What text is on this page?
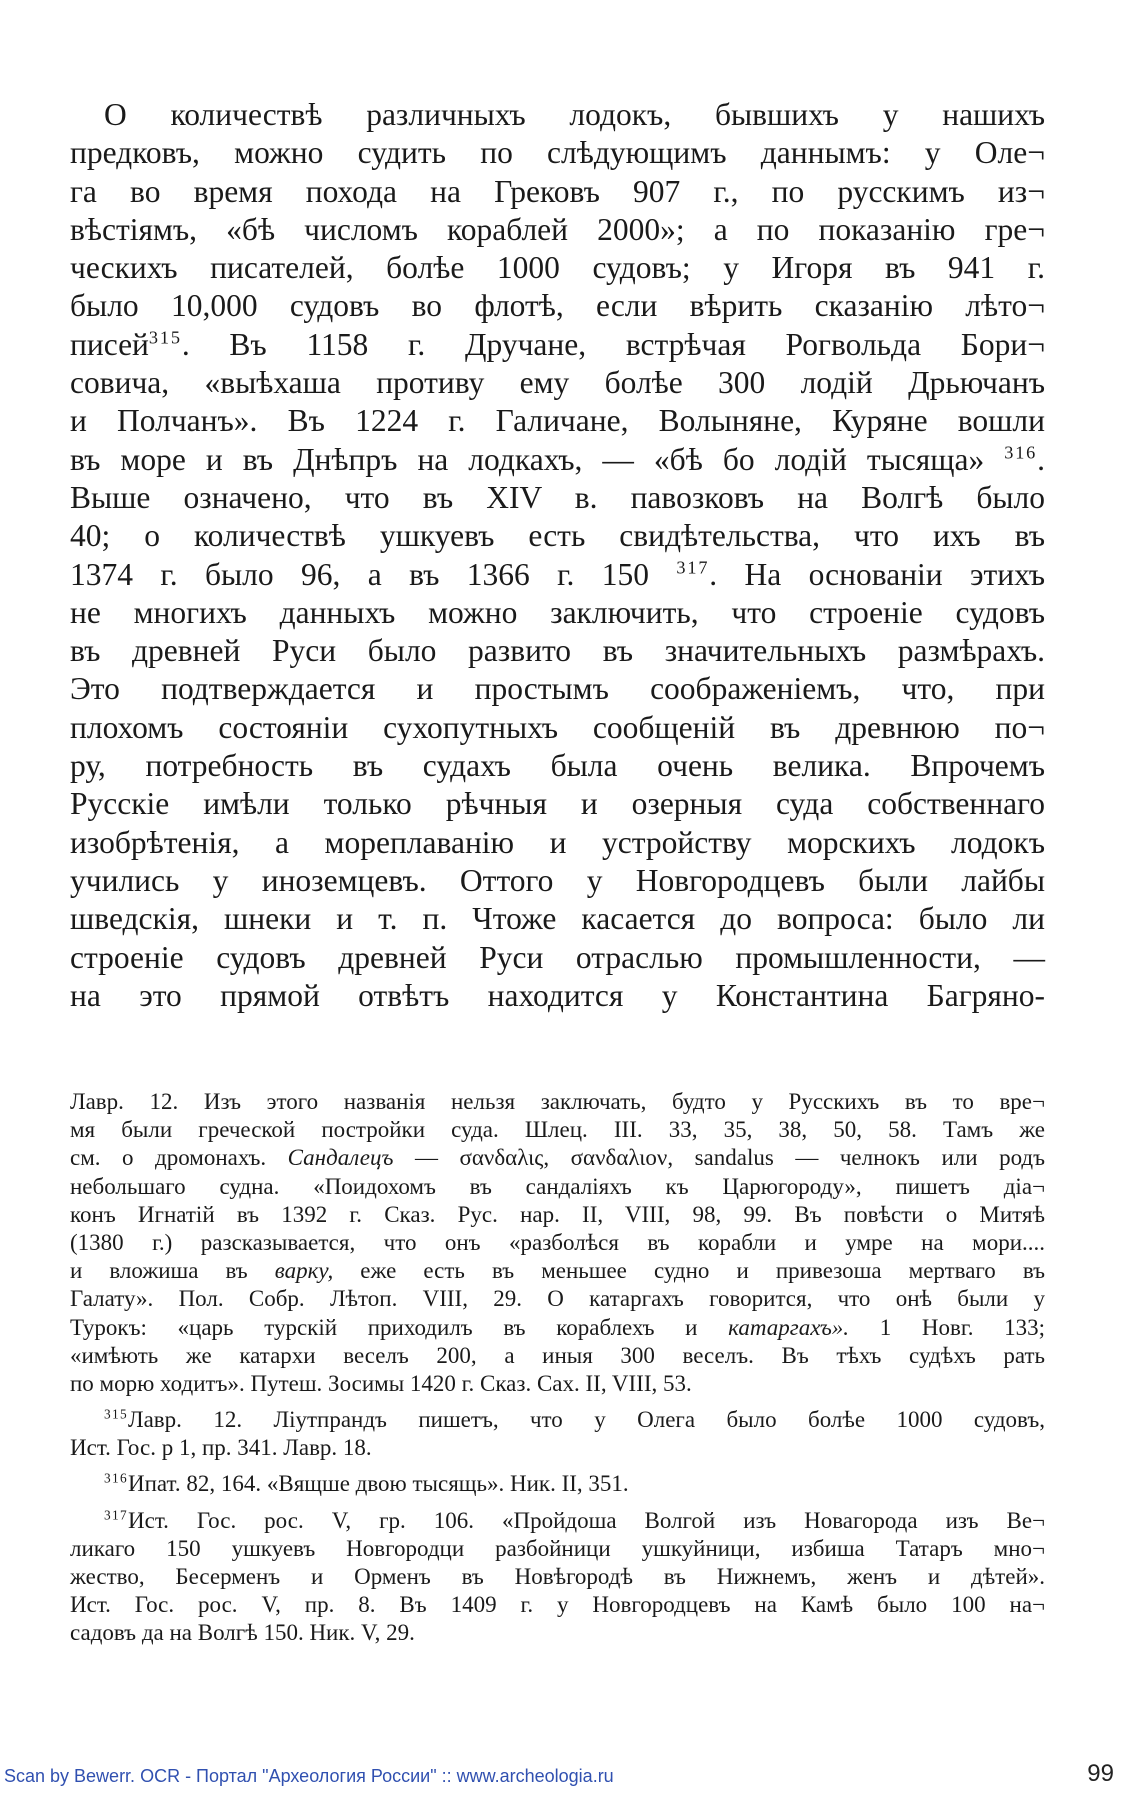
О количествѣ различныхъ лодокъ, бывшихъ у нашихъ
предковъ, можно судить по слѣдующимъ даннымъ: у Оле¬
га во время похода на Грековъ 907 г., по русскимъ из¬
вѣстіямъ, «бѣ числомъ кораблей 2000»; а по показанію гре¬
ческихъ писателей, болѣе 1000 судовъ; у Игоря въ 941 г.
было 10,000 судовъ во флотѣ, если вѣрить сказанію лѣто¬
писей$^{315}$. Въ 1158 г. Дручане, встрѣчая Рогвольда Бори¬
совича, «выѣхаша противу ему болѣе 300 лодій Дрьючанъ
и Полчанъ». Въ 1224 г. Галичане, Волыняне, Куряне вошли
въ море и въ Днѣпръ на лодкахъ, — «бѣ бо лодій тысяща» $^{316}$.
Выше означено, что въ XIV в. павозковъ на Волгѣ было
40; о количествѣ ушкуевъ есть свидѣтельства, что ихъ въ
1374 г. было 96, а въ 1366 г. 150 $^{317}$. На основаніи этихъ
не многихъ данныхъ можно заключить, что строеніе судовъ
въ древней Руси было развито въ значительныхъ размѣрахъ.
Это подтверждается и простымъ соображеніемъ, что, при
плохомъ состояніи сухопутныхъ сообщеній въ древнюю по¬
ру, потребность въ судахъ была очень велика. Впрочемъ
Русскіе имѣли только рѣчныя и озерныя суда собственнаго
изобрѣтенія, а мореплаванію и устройству морскихъ лодокъ
учились у иноземцевъ. Оттого у Новгородцевъ были лайбы
шведскія, шнеки и т. п. Чтоже касается до вопроса: было ли
строеніе судовъ древней Руси отраслью промышленности, —
на это прямой отвѣтъ находится у Константина Багряно-
Лавр. 12. Изъ этого названія нельзя заключать, будто у Русскихъ въ то вре¬
мя были греческой постройки суда. Шлец. III. 33, 35, 38, 50, 58. Тамъ же
см. о дромонахъ. Сандалецъ — σανδαλις, σανδαλιον, sandalus — челнокъ или родъ
небольшаго судна. «Поидохомъ въ сандаліяхъ къ Царюгороду», пишетъ діа¬
конъ Игнатій въ 1392 г. Сказ. Рус. нар. II, VIII, 98, 99. Въ повѣсти о Митяѣ
(1380 г.) разсказывается, что онъ «разболѣся въ корабли и умре на мори....
и вложиша въ варку, еже есть въ меньшее судно и привезоша мертваго въ
Галату». Пол. Собр. Лѣтоп. VIII, 29. О катаргахъ говорится, что онѣ были у
Турокъ: «царь турскій приходилъ въ кораблехъ и катаргахъ». 1 Новг. 133;
«имѣють же катархи веселъ 200, а иныя 300 веселъ. Въ тѣхъ судѣхъ рать
по морю ходитъ». Путеш. Зосимы 1420 г. Сказ. Сах. II, VIII, 53.
$^{315}$Лавр. 12. Ліутпрандъ пишетъ, что у Олега было болѣе 1000 судовъ,
Ист. Гос. р 1, пр. 341. Лавр. 18.
$^{316}$Ипат. 82, 164. «Вящше двою тысящь». Ник. II, 351.
$^{317}$Ист. Гос. рос. V, гр. 106. «Пройдоша Волгой изъ Новагорода изъ Ве¬
ликаго 150 ушкуевъ Новгородци разбойници ушкуйници, избиша Татаръ мно¬
жество, Бесерменъ и Орменъ въ Новѣгородѣ въ Нижнемъ, женъ и дѣтей».
Ист. Гос. рос. V, пр. 8. Въ 1409 г. у Новгородцевъ на Камѣ было 100 на¬
садовъ да на Волгѣ 150. Ник. V, 29.
Scan by Bewerr. OCR - Портал "Археология России" :: www.archeologia.ru	99
